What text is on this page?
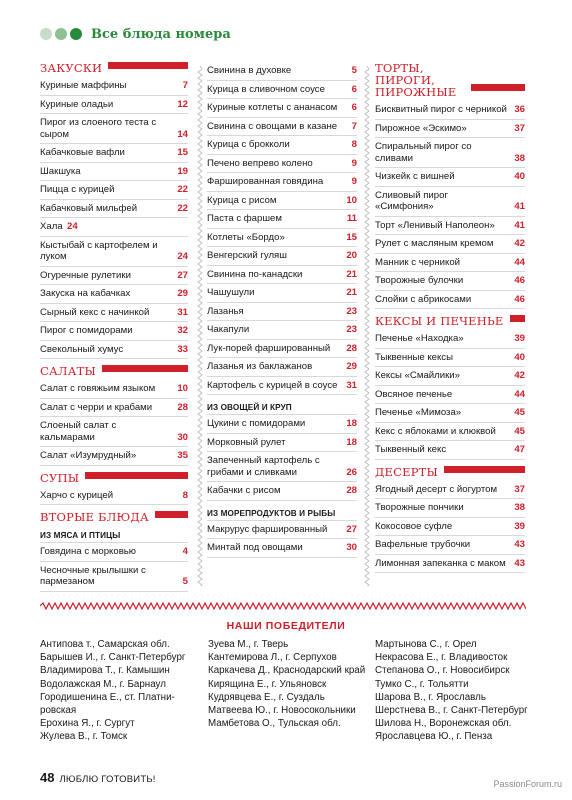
Все блюда номера
ЗАКУСКИ
Куриные маффины	7
Куриные оладьи	12
Пирог из слоеного теста с сыром	14
Кабачковые вафли	15
Шакшука	19
Пицца с курицей	22
Кабачковый мильфей	22
Хала 24
Кыстыбай с картофелем и луком	24
Огуречные рулетики	27
Закуска на кабачках	29
Сырный кекс с начинкой	31
Пирог с помидорами	32
Свекольный хумус	33
САЛАТЫ
Салат с говяжьим языком	10
Салат с черри и крабами	28
Слоеный салат с кальмарами	30
Салат «Изумрудный»	35
СУПЫ
Харчо с курицей	8
ВТОРЫЕ БЛЮДА
ИЗ МЯСА И ПТИЦЫ
Говядина с морковью	4
Чесночные крылышки с пармезаном	5
Свинина в духовке	5
Курица в сливочном соусе	6
Куриные котлеты с ананасом	6
Свинина с овощами в казане	7
Курица с брокколи	8
Печено вепрево колено	9
Фаршированная говядина	9
Курица с рисом	10
Паста с фаршем	11
Котлеты «Бордо»	15
Венгерский гуляш	20
Свинина по-канадски	21
Чашушули	21
Лазанья	23
Чакапули	23
Лук-порей фаршированный	28
Лазанья из баклажанов	29
Картофель с курицей в соусе 31
ИЗ ОВОЩЕЙ И КРУП
Цукини с помидорами	18
Морковный рулет	18
Запеченный картофель с грибами и сливками	26
Кабачки с рисом	28
ИЗ МОРЕПРОДУКТОВ И РЫБЫ
Макрурус фаршированный	27
Минтай под овощами	30
ТОРТЫ, ПИРОГИ, ПИРОЖНЫЕ
Бисквитный пирог с черникой 36
Пирожное «Эскимо»	37
Спиральный пирог со сливами	38
Чизкейк с вишней	40
Сливовый пирог «Симфония»	41
Торт «Ленивый Наполеон»	41
Рулет с масляным кремом	42
Манник с черникой	44
Творожные булочки	46
Слойки с абрикосами	46
КЕКСЫ И ПЕЧЕНЬЕ
Печенье «Находка»	39
Тыквенные кексы	40
Кексы «Смайлики»	42
Овсяное печенье	44
Печенье «Мимоза»	45
Кекс с яблоками и клюквой	45
Тыквенный кекс	47
ДЕСЕРТЫ
Ягодный десерт с йогуртом	37
Творожные пончики	38
Кокосовое суфле	39
Вафельные трубочки	43
Лимонная запеканка с маком 43
НАШИ ПОБЕДИТЕЛИ
Антипова т., Самарская обл.
Барышев И., г. Санкт-Петербург
Владимирова Т., г. Камышин
Водолажская М., г. Барнаул
Городишенина Е., ст. Платни-ровская
Ерохина Я., г. Сургут
Жулева В., г. Томск
Зуева М., г. Тверь
Кантемирова Л., г. Серпухов
Каркачева Д., Краснодарский край
Кирящина Е., г. Ульяновск
Кудрявцева Е., г. Суздаль
Матвеева Ю., г. Новосокольники
Мамбетова О., Тульская обл.
Мартынова С., г. Орел
Некрасова Е., г. Владивосток
Степанова О., г. Новосибирск
Тумко С., г. Тольятти
Шарова В., г. Ярославль
Шерстнева В., г. Санкт-Петербург
Шилова Н., Воронежская обл.
Ярославцева Ю., г. Пенза
48 ЛЮБЛЮ ГОТОВИТЬ!	PassionForum.ru
